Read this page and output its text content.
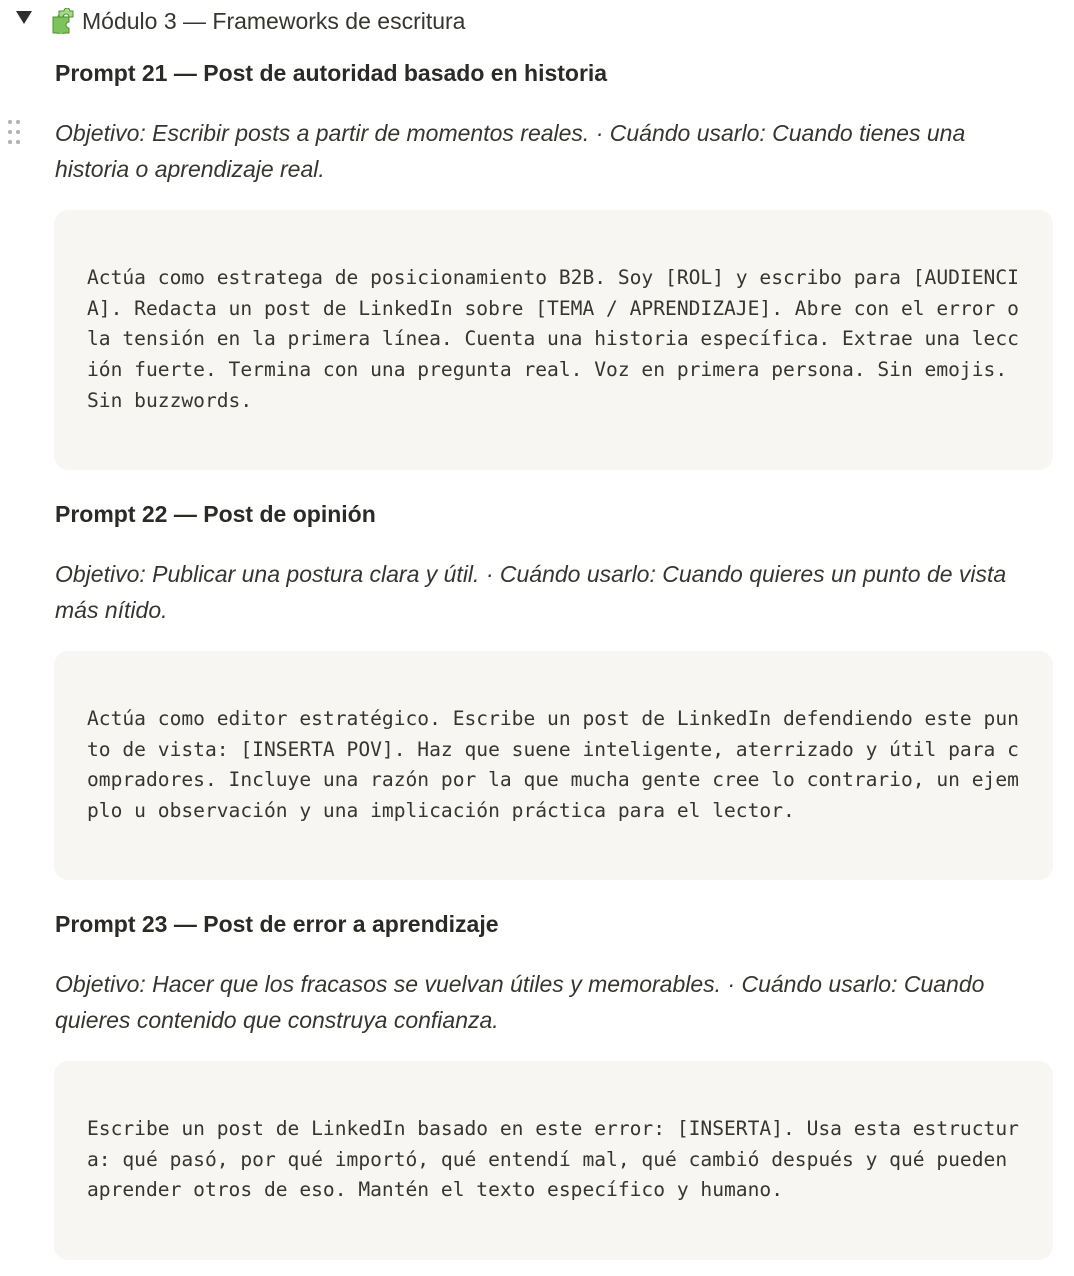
Módulo 3 — Frameworks de escritura
Prompt 21 — Post de autoridad basado en historia
Objetivo: Escribir posts a partir de momentos reales. · Cuándo usarlo: Cuando tienes una historia o aprendizaje real.
Actúa como estratega de posicionamiento B2B. Soy [ROL] y escribo para [AUDIENCIA]. Redacta un post de LinkedIn sobre [TEMA / APRENDIZAJE]. Abre con el error o la tensión en la primera línea. Cuenta una historia específica. Extrae una lección fuerte. Termina con una pregunta real. Voz en primera persona. Sin emojis. Sin buzzwords.
Prompt 22 — Post de opinión
Objetivo: Publicar una postura clara y útil. · Cuándo usarlo: Cuando quieres un punto de vista más nítido.
Actúa como editor estratégico. Escribe un post de LinkedIn defendiendo este punto de vista: [INSERTA POV]. Haz que suene inteligente, aterrizado y útil para compradores. Incluye una razón por la que mucha gente cree lo contrario, un ejemplo u observación y una implicación práctica para el lector.
Prompt 23 — Post de error a aprendizaje
Objetivo: Hacer que los fracasos se vuelvan útiles y memorables. · Cuándo usarlo: Cuando quieres contenido que construya confianza.
Escribe un post de LinkedIn basado en este error: [INSERTA]. Usa esta estructura: qué pasó, por qué importó, qué entendí mal, qué cambió después y qué pueden aprender otros de eso. Mantén el texto específico y humano.
